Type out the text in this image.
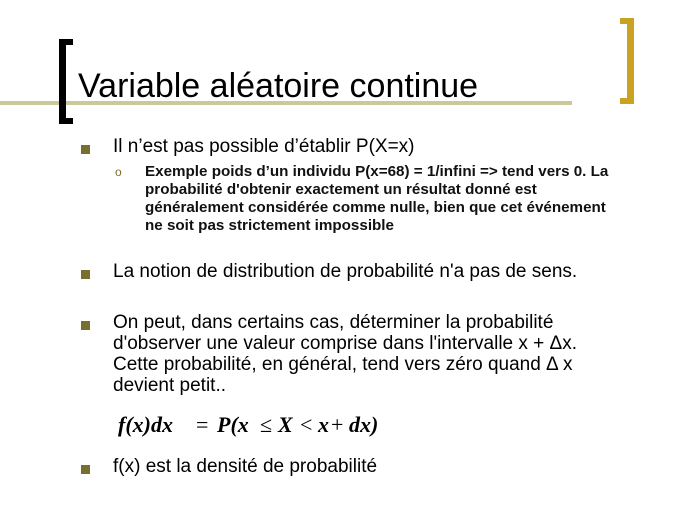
Variable aléatoire continue
Il n’est pas possible d’établir P(X=x)
o Exemple poids d’un individu P(x=68) = 1/infini => tend vers 0. La probabilité d'obtenir exactement un résultat donné est généralement considérée comme nulle, bien que cet événement ne soit pas strictement impossible
La notion de distribution de probabilité n'a pas de sens.
On peut, dans certains cas, déterminer la probabilité d'observer une valeur comprise dans l'intervalle x + Δx. Cette probabilité, en général, tend vers zéro quand Δ x devient petit..
f(x)dx = P(x ≤ X < x + dx)
f(x) est la densité de probabilité
